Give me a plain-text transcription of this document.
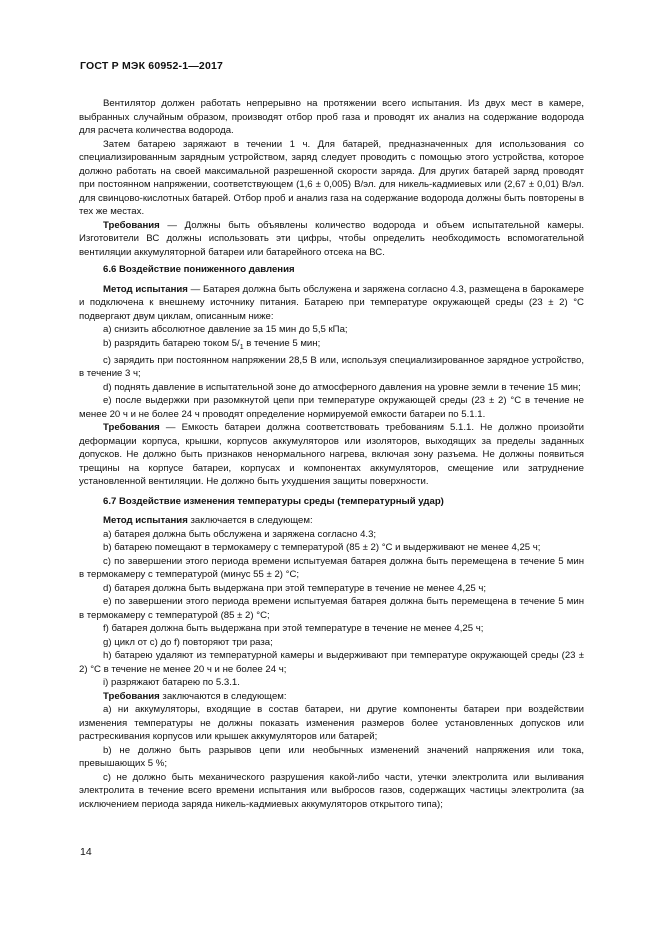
ГОСТ Р МЭК 60952-1—2017

Вентилятор должен работать непрерывно на протяжении всего испытания. Из двух мест в камере, выбранных случайным образом, производят отбор проб газа и проводят их анализ на содержание водорода для расчета количества водорода.

Затем батарею заряжают в течении 1 ч. Для батарей, предназначенных для использования со специализированным зарядным устройством, заряд следует проводить с помощью этого устройства, которое должно работать на своей максимальной разрешенной скорости заряда. Для других батарей заряд проводят при постоянном напряжении, соответствующем (1,6 ± 0,005) В/эл. для никель-кадмиевых или (2,67 ± 0,01) В/эл. для свинцово-кислотных батарей. Отбор проб и анализ газа на содержание водорода должны быть повторены в тех же местах.

Требования — Должны быть объявлены количество водорода и объем испытательной камеры. Изготовители ВС должны использовать эти цифры, чтобы определить необходимость вспомогательной вентиляции аккумуляторной батареи или батарейного отсека на ВС.

6.6 Воздействие пониженного давления

Метод испытания — Батарея должна быть обслужена и заряжена согласно 4.3, размещена в барокамере и подключена к внешнему источнику питания. Батарею при температуре окружающей среды (23 ± 2) °С подвергают двум циклам, описанным ниже:

a) снизить абсолютное давление за 15 мин до 5,5 кПа;

b) разрядить батарею током $5/_1$ в течение 5 мин;

c) зарядить при постоянном напряжении 28,5 В или, используя специализированное зарядное устройство, в течение 3 ч;

d) поднять давление в испытательной зоне до атмосферного давления на уровне земли в течение 15 мин;

e) после выдержки при разомкнутой цепи при температуре окружающей среды (23 ± 2) °С в течение не менее 20 ч и не более 24 ч проводят определение нормируемой емкости батареи по 5.1.1.

Требования — Емкость батареи должна соответствовать требованиям 5.1.1. Не должно произойти деформации корпуса, крышки, корпусов аккумуляторов или изоляторов, выходящих за пределы заданных допусков. Не должно быть признаков ненормального нагрева, включая зону разъема. Не должны появиться трещины на корпусе батареи, корпусах и компонентах аккумуляторов, смещение или затруднение установленной вентиляции. Не должно быть ухудшения защиты поверхности.

6.7 Воздействие изменения температуры среды (температурный удар)

Метод испытания заключается в следующем:

a) батарея должна быть обслужена и заряжена согласно 4.3;

b) батарею помещают в термокамеру с температурой (85 ± 2) °С и выдерживают не менее 4,25 ч;

c) по завершении этого периода времени испытуемая батарея должна быть перемещена в течение 5 мин в термокамеру с температурой (минус 55 ± 2) °С;

d) батарея должна быть выдержана при этой температуре в течение не менее 4,25 ч;

e) по завершении этого периода времени испытуемая батарея должна быть перемещена в течение 5 мин в термокамеру с температурой (85 ± 2) °С;

f) батарея должна быть выдержана при этой температуре в течение не менее 4,25 ч;

g) цикл от с) до f) повторяют три раза;

h) батарею удаляют из температурной камеры и выдерживают при температуре окружающей среды (23 ± 2) °С в течение не менее 20 ч и не более 24 ч;

i) разряжают батарею по 5.3.1.

Требования заключаются в следующем:

a) ни аккумуляторы, входящие в состав батареи, ни другие компоненты батареи при воздействии изменения температуры не должны показать изменения размеров более установленных допусков или растрескивания корпусов или крышек аккумуляторов или батарей;

b) не должно быть разрывов цепи или необычных изменений значений напряжения или тока, превышающих 5 %;

c) не должно быть механического разрушения какой-либо части, утечки электролита или выливания электролита в течение всего времени испытания или выбросов газов, содержащих частицы электролита (за исключением периода заряда никель-кадмиевых аккумуляторов открытого типа);

14
